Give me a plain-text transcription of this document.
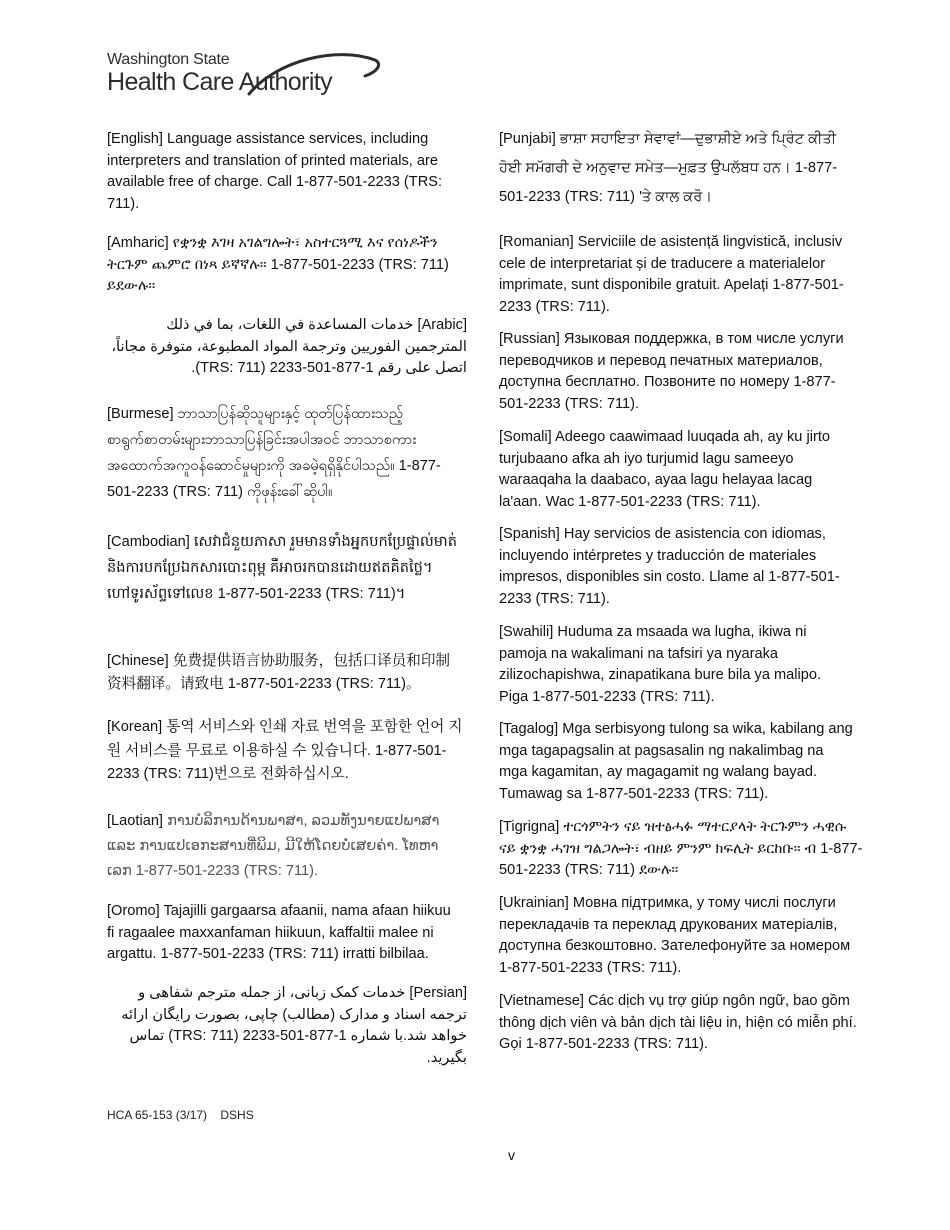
Washington State
Health Care Authority

[English] Language assistance services, including interpreters and translation of printed materials, are available free of charge. Call 1-877-501-2233 (TRS: 711).

[Amharic] የቋንቋ እገዛ አገልግሎት፣ አስተርጓሚ እና የሰነዶችን ትርጉም ጨምሮ በነጻ ይኛኛሉ፡፡ 1-877-501-2233 (TRS: 711) ይደውሉ፡፡

[Arabic] خدمات المساعدة في اللغات، بما في ذلك المترجمين الفوريين وترجمة المواد المطبوعة، متوفرة مجاناً، اتصل على رقم 1-877-501-2233 (TRS: 711).

[Burmese] ဘာသာပြန်ဆိုသူများနှင့် ထုတ်ပြန်ထားသည့် စာရွက်စာတမ်းများဘာသာပြန်ခြင်းအပါအဝင် ဘာသာစကားအထောက်အကူဝန်ဆောင်မှုများကို အခမဲ့ရရှိနိုင်ပါသည်။ 1-877-501-2233 (TRS: 711) ကိုဖုန်းခေါ်ဆိုပါ။

[Cambodian] សេវាជំនួយភាសា រួមមានទាំងអ្នកបកប្រែផ្ទាល់មាត់ និងការបកប្រែឯកសារបោះពុម្ព គឺអាចរកបានដោយឥតគិតថ្លៃ។ ហៅទូរស័ព្ទទៅលេខ 1-877-501-2233 (TRS: 711)។

[Chinese] 免费提供语言协助服务，包括口译员和印制资料翻译。请致电 1-877-501-2233 (TRS: 711)。

[Korean] 통역 서비스와 인쇄 자료 번역을 포함한 언어 지원 서비스를 무료로 이용하실 수 있습니다. 1-877-501-2233 (TRS: 711)번으로 전화하십시오.

[Laotian] ການບໍລິການດ້ານພາສາ, ລວມທັງນາຍແປພາສາ ແລະ ການແປເອກະສານທີ່ພິມ, ມີໃຫ້ໂດຍບໍ່ເສຍຄ່າ. ໂທຫາເລກ 1-877-501-2233 (TRS: 711).

[Oromo] Tajajilli gargaarsa afaanii, nama afaan hiikuu fi ragaalee maxxanfaman hiikuun, kaffaltii malee ni argattu. 1-877-501-2233 (TRS: 711) irratti bilbilaa.

[Persian] خدمات کمک زبانی، از جمله مترجم شفاهی و ترجمه اسناد و مدارک (مطالب) چاپی، بصورت رایگان ارائه خواهد شد.با شماره 1-877-501-2233 (TRS: 711) تماس بگیرید.

[Punjabi] ਭਾਸ਼ਾ ਸਹਾਇਤਾ ਸੇਵਾਵਾਂ—ਦੁਭਾਸ਼ੀਏ ਅਤੇ ਪ੍ਰਿੰਟ ਕੀਤੀ ਹੋਈ ਸਮੱਗਰੀ ਦੇ ਅਨੁਵਾਦ ਸਮੇਤ—ਮੁਫ਼ਤ ਉਪਲੱਬਧ ਹਨ। 1-877-501-2233 (TRS: 711) 'ਤੇ ਕਾਲ ਕਰੋ।

[Romanian] Serviciile de asistență lingvistică, inclusiv cele de interpretariat și de traducere a materialelor imprimate, sunt disponibile gratuit. Apelați 1-877-501-2233 (TRS: 711).

[Russian] Языковая поддержка, в том числе услуги переводчиков и перевод печатных материалов, доступна бесплатно. Позвоните по номеру 1-877-501-2233 (TRS: 711).

[Somali] Adeego caawimaad luuqada ah, ay ku jirto turjubaano afka ah iyo turjumid lagu sameeyo waraaqaha la daabaco, ayaa lagu helayaa lacag la'aan. Wac 1-877-501-2233 (TRS: 711).

[Spanish] Hay servicios de asistencia con idiomas, incluyendo intérpretes y traducción de materiales impresos, disponibles sin costo. Llame al 1-877-501-2233 (TRS: 711).

[Swahili] Huduma za msaada wa lugha, ikiwa ni pamoja na wakalimani na tafsiri ya nyaraka zilizochapishwa, zinapatikana bure bila ya malipo. Piga 1-877-501-2233 (TRS: 711).

[Tagalog] Mga serbisyong tulong sa wika, kabilang ang mga tagapagsalin at pagsasalin ng nakalimbag na mga kagamitan, ay magagamit ng walang bayad. Tumawag sa 1-877-501-2233 (TRS: 711).

[Tigrigna] ተርጎምትን ናይ ዝተፅሓፉ ማተርያላት ትርጉምን ሓዊሱ ናይ ቋንቋ ሓገዝ ግልጋሎት፣ ብዘይ ምንም ክፍሊት ይርከቡ፡፡ ብ 1-877-501-2233 (TRS: 711) ደውሉ፡፡

[Ukrainian] Мовна підтримка, у тому числі послуги перекладачів та переклад друкованих матеріалів, доступна безкоштовно. Зателефонуйте за номером 1-877-501-2233 (TRS: 711).

[Vietnamese] Các dịch vụ trợ giúp ngôn ngữ, bao gồm thông dịch viên và bản dịch tài liệu in, hiện có miễn phí. Gọi 1-877-501-2233 (TRS: 711).

HCA 65-153 (3/17)    DSHS
v
